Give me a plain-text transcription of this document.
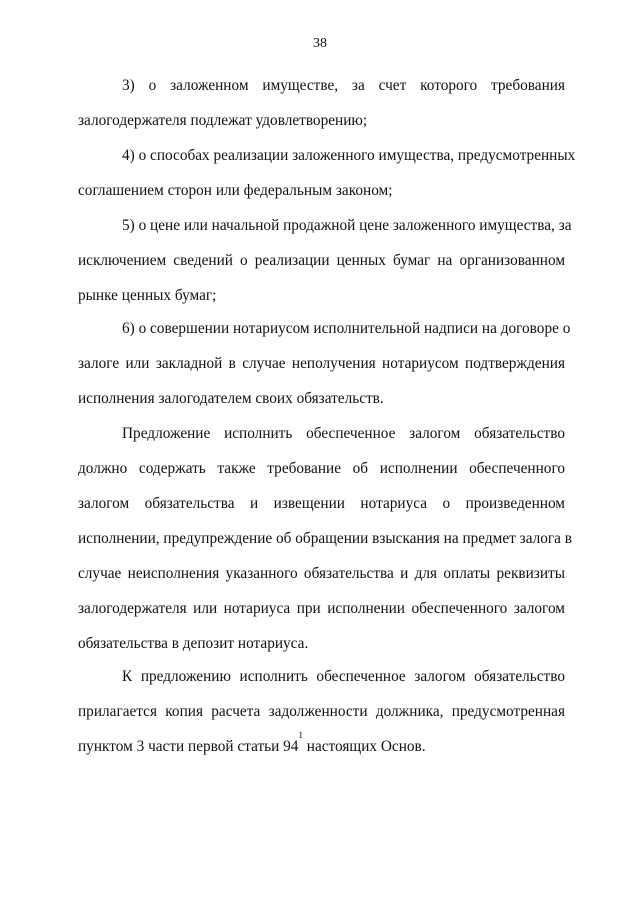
38

3) о заложенном имуществе, за счет которого требования
залогодержателя подлежат удовлетворению;

4) о способах реализации заложенного имущества, предусмотренных
соглашением сторон или федеральным законом;

5) о цене или начальной продажной цене заложенного имущества, за
исключением сведений о реализации ценных бумаг на организованном
рынке ценных бумаг;

6) о совершении нотариусом исполнительной надписи на договоре о
залоге или закладной в случае неполучения нотариусом подтверждения
исполнения залогодателем своих обязательств.

Предложение исполнить обеспеченное залогом обязательство
должно содержать также требование об исполнении обеспеченного
залогом обязательства и извещении нотариуса о произведенном
исполнении, предупреждение об обращении взыскания на предмет залога в
случае неисполнения указанного обязательства и для оплаты реквизиты
залогодержателя или нотариуса при исполнении обеспеченного залогом
обязательства в депозит нотариуса.

К предложению исполнить обеспеченное залогом обязательство
прилагается копия расчета задолженности должника, предусмотренная
пунктом 3 части первой статьи $94^1$ настоящих Основ.
